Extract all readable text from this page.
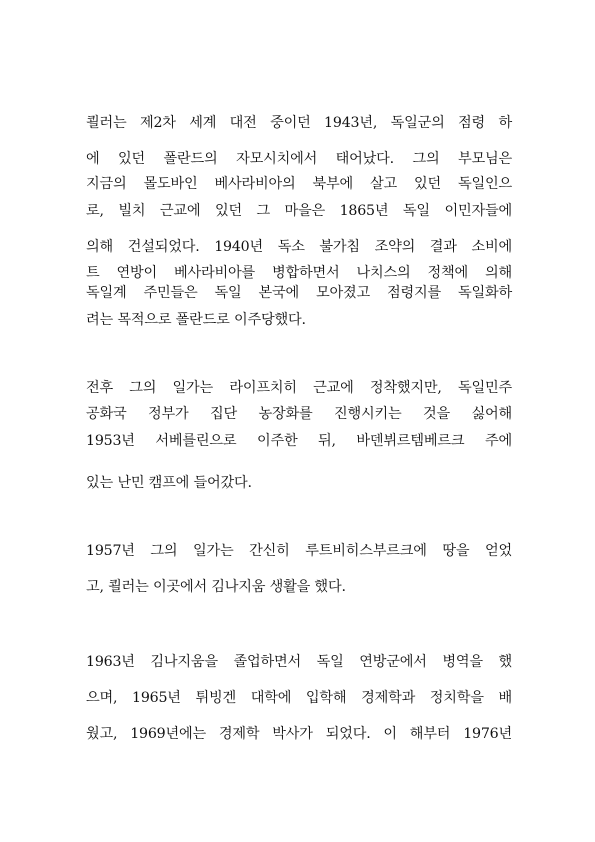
쾰러는 제2차 세계 대전 중이던 1943년, 독일군의 점령 하
에 있던 폴란드의 자모시치에서 태어났다. 그의 부모님은
지금의 몰도바인 베사라비아의 북부에 살고 있던 독일인으
로, 빌치 근교에 있던 그 마을은 1865년 독일 이민자들에
의해 건설되었다. 1940년 독소 불가침 조약의 결과 소비에
트 연방이 베사라비아를 병합하면서 나치스의 정책에 의해
독일계 주민들은 독일 본국에 모아졌고 점령지를 독일화하
려는 목적으로 폴란드로 이주당했다.
전후 그의 일가는 라이프치히 근교에 정착했지만, 독일민주
공화국 정부가 집단 농장화를 진행시키는 것을 싫어해
1953년 서베를린으로 이주한 뒤, 바덴뷔르템베르크 주에
있는 난민 캠프에 들어갔다.
1957년 그의 일가는 간신히 루트비히스부르크에 땅을 얻었
고, 쾰러는 이곳에서 김나지움 생활을 했다.
1963년 김나지움을 졸업하면서 독일 연방군에서 병역을 했
으며, 1965년 튀빙겐 대학에 입학해 경제학과 정치학을 배
웠고, 1969년에는 경제학 박사가 되었다. 이 해부터 1976년
